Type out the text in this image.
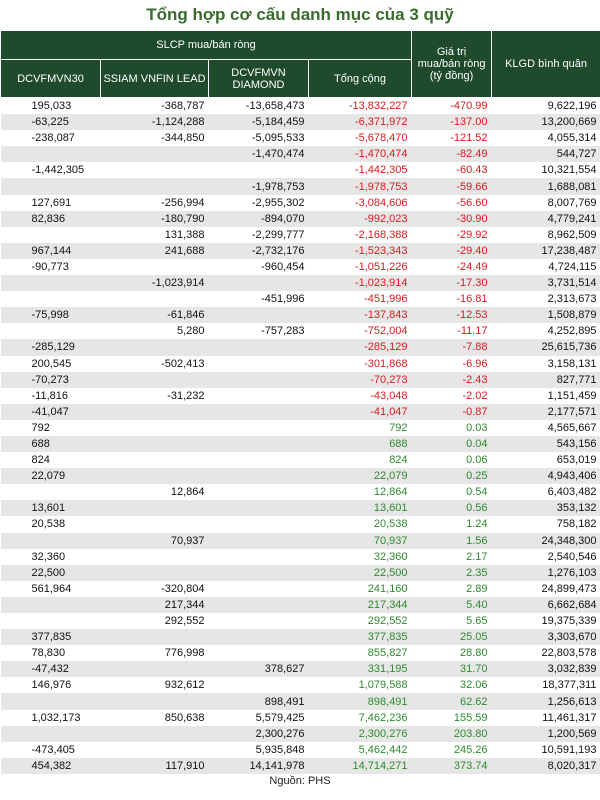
Tổng hợp cơ cấu danh mục của 3 quỹ
SLCP mua/bán ròng				Giá trị mua/bán ròng (tỷ đồng)	KLGD bình quân
DCVFMVN30	SSIAM VNFIN LEAD	DCVFMVN DIAMOND	Tổng cộng		
195,033	-368,787	-13,658,473	-13,832,227	-470.99	9,622,196
-63,225	-1,124,288	-5,184,459	-6,371,972	-137.00	13,200,669
-238,087	-344,850	-5,095,533	-5,678,470	-121.52	4,055,314
		-1,470,474	-1,470,474	-82.49	544,727
-1,442,305			-1,442,305	-60.43	10,321,554
		-1,978,753	-1,978,753	-59.66	1,688,081
127,691	-256,994	-2,955,302	-3,084,606	-56.60	8,007,769
82,836	-180,790	-894,070	-992,023	-30.90	4,779,241
	131,388	-2,299,777	-2,168,388	-29.92	8,962,509
967,144	241,688	-2,732,176	-1,523,343	-29.40	17,238,487
-90,773		-960,454	-1,051,226	-24.49	4,724,115
	-1,023,914		-1,023,914	-17.30	3,731,514
		-451,996	-451,996	-16.81	2,313,673
-75,998	-61,846		-137,843	-12.53	1,508,879
	5,280	-757,283	-752,004	-11.17	4,252,895
-285,129			-285,129	-7.88	25,615,736
200,545	-502,413		-301,868	-6.96	3,158,131
-70,273			-70,273	-2.43	827,771
-11,816	-31,232		-43,048	-2.02	1,151,459
-41,047			-41,047	-0.87	2,177,571
792			792	0.03	4,565,667
688			688	0.04	543,156
824			824	0.06	653,019
22,079			22,079	0.25	4,943,406
	12,864		12,864	0.54	6,403,482
13,601			13,601	0.56	353,132
20,538			20,538	1.24	758,182
	70,937		70,937	1.56	24,348,300
32,360			32,360	2.17	2,540,546
22,500			22,500	2.35	1,276,103
561,964	-320,804		241,160	2.89	24,899,473
	217,344		217,344	5.40	6,662,684
	292,552		292,552	5.65	19,375,339
377,835			377,835	25.05	3,303,670
78,830	776,998		855,827	28.80	22,803,578
-47,432		378,627	331,195	31.70	3,032,839
146,976	932,612		1,079,588	32.06	18,377,311
		898,491	898,491	62.62	1,256,613
1,032,173	850,638	5,579,425	7,462,236	155.59	11,461,317
		2,300,276	2,300,276	203.80	1,200,569
-473,405		5,935,848	5,462,442	245.26	10,591,193
454,382	117,910	14,141,978	14,714,271	373.74	8,020,317
Nguồn: PHS
